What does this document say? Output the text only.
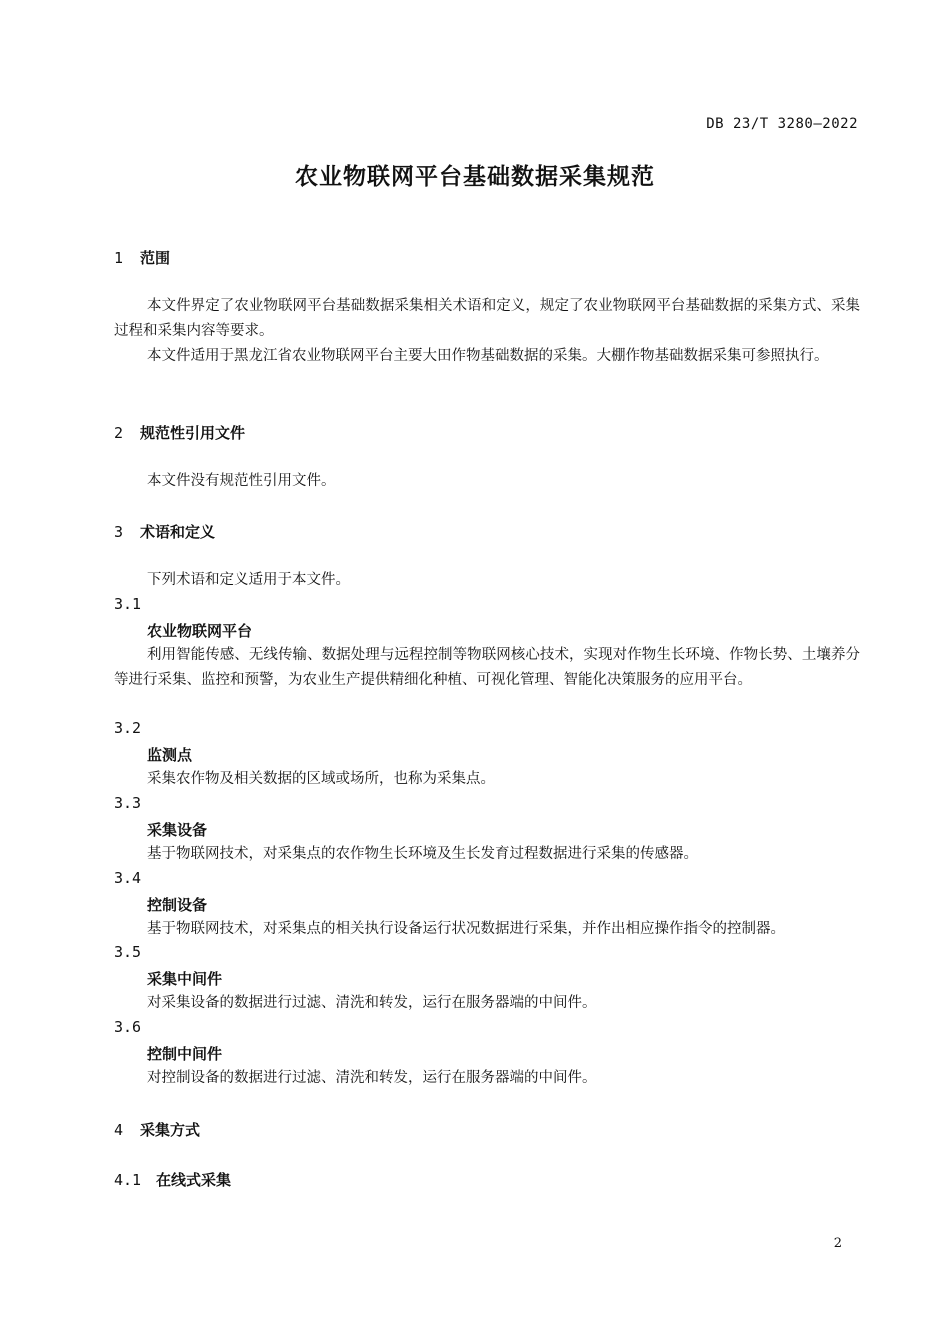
DB 23/T 3280—2022
农业物联网平台基础数据采集规范
1 范围
本文件界定了农业物联网平台基础数据采集相关术语和定义，规定了农业物联网平台基础数据的采集方式、采集过程和采集内容等要求。
本文件适用于黑龙江省农业物联网平台主要大田作物基础数据的采集。大棚作物基础数据采集可参照执行。
2 规范性引用文件
本文件没有规范性引用文件。
3 术语和定义
下列术语和定义适用于本文件。
3.1
农业物联网平台
利用智能传感、无线传输、数据处理与远程控制等物联网核心技术，实现对作物生长环境、作物长势、土壤养分等进行采集、监控和预警，为农业生产提供精细化种植、可视化管理、智能化决策服务的应用平台。
3.2
监测点
采集农作物及相关数据的区域或场所，也称为采集点。
3.3
采集设备
基于物联网技术，对采集点的农作物生长环境及生长发育过程数据进行采集的传感器。
3.4
控制设备
基于物联网技术，对采集点的相关执行设备运行状况数据进行采集，并作出相应操作指令的控制器。
3.5
采集中间件
对采集设备的数据进行过滤、清洗和转发，运行在服务器端的中间件。
3.6
控制中间件
对控制设备的数据进行过滤、清洗和转发，运行在服务器端的中间件。
4 采集方式
4.1 在线式采集
2
